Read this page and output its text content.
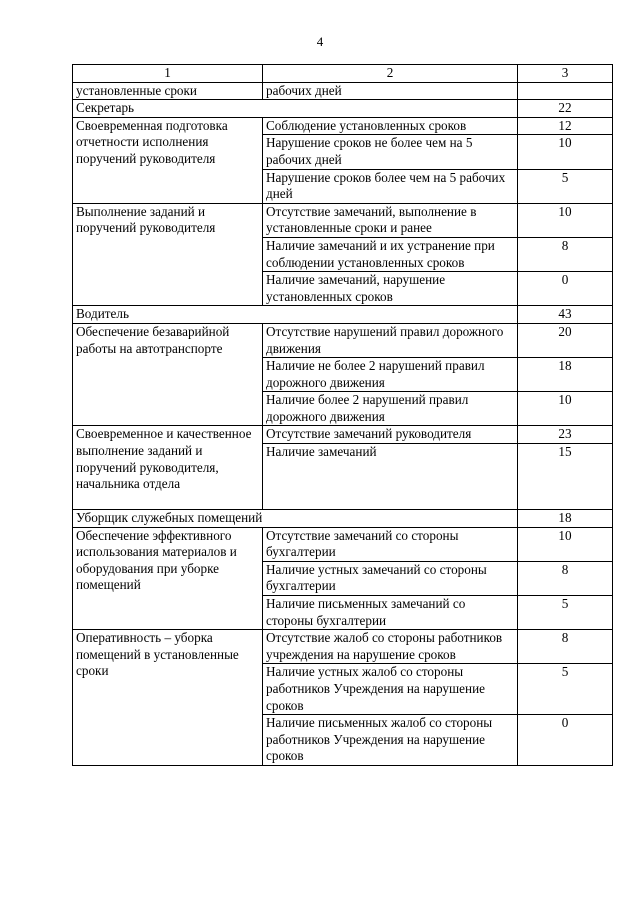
4
1	2	3
установленные сроки	рабочих дней	
Секретарь		22
Своевременная подготовка отчетности исполнения поручений руководителя	Соблюдение установленных сроков	12
	Нарушение сроков не более чем на 5 рабочих дней	10
	Нарушение сроков более чем на 5 рабочих дней	5
Выполнение заданий и поручений руководителя	Отсутствие замечаний, выполнение в установленные сроки и ранее	10
	Наличие замечаний и их устранение при соблюдении установленных сроков	8
	Наличие замечаний, нарушение установленных сроков	0
Водитель		43
Обеспечение безаварийной работы на автотранспорте	Отсутствие нарушений правил дорожного движения	20
	Наличие не более 2 нарушений правил дорожного движения	18
	Наличие более 2 нарушений правил дорожного движения	10
Своевременное и качественное выполнение заданий и поручений руководителя, начальника отдела	Отсутствие замечаний руководителя	23
	Наличие замечаний	15
Уборщик служебных помещений		18
Обеспечение эффективного использования материалов и оборудования при уборке помещений	Отсутствие замечаний со стороны бухгалтерии	10
	Наличие устных замечаний со стороны бухгалтерии	8
	Наличие письменных замечаний со стороны бухгалтерии	5
Оперативность – уборка помещений в установленные сроки	Отсутствие жалоб со стороны работников учреждения на нарушение сроков	8
	Наличие устных жалоб со стороны работников Учреждения на нарушение сроков	5
	Наличие письменных жалоб со стороны работников Учреждения на нарушение сроков	0
